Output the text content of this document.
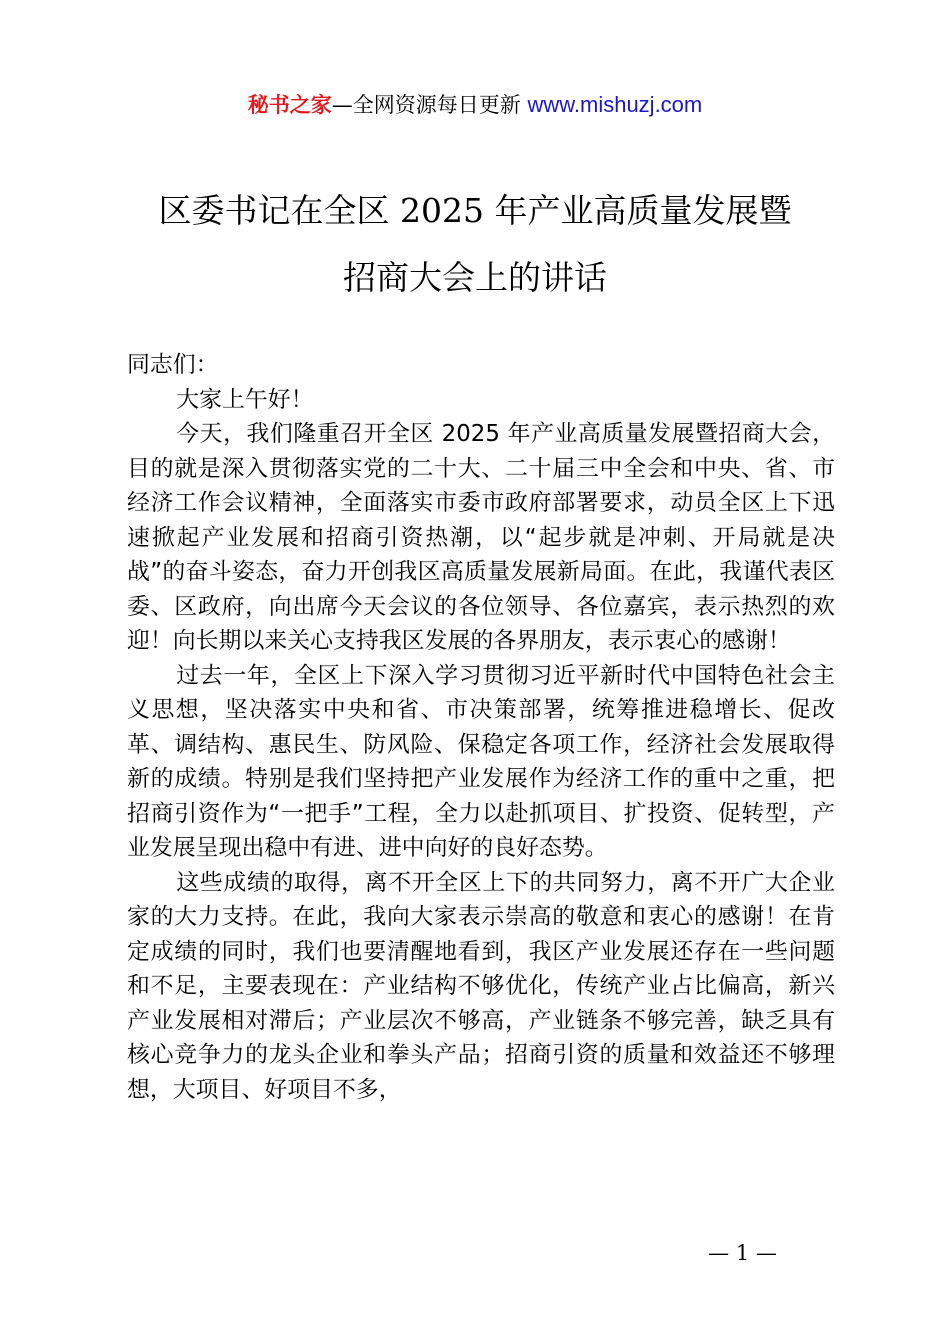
秘书之家—全网资源每日更新 www.mishuzj.com
区委书记在全区 2025 年产业高质量发展暨
招商大会上的讲话

同志们：

大家上午好！

今天，我们隆重召开全区 2025 年产业高质量发展暨招商大会，目的就是深入贯彻落实党的二十大、二十届三中全会和中央、省、市经济工作会议精神，全面落实市委市政府部署要求，动员全区上下迅速掀起产业发展和招商引资热潮，以“起步就是冲刺、开局就是决战”的奋斗姿态，奋力开创我区高质量发展新局面。在此，我谨代表区委、区政府，向出席今天会议的各位领导、各位嘉宾，表示热烈的欢迎！向长期以来关心支持我区发展的各界朋友，表示衷心的感谢！

过去一年，全区上下深入学习贯彻习近平新时代中国特色社会主义思想，坚决落实中央和省、市决策部署，统筹推进稳增长、促改革、调结构、惠民生、防风险、保稳定各项工作，经济社会发展取得新的成绩。特别是我们坚持把产业发展作为经济工作的重中之重，把招商引资作为“一把手”工程，全力以赴抓项目、扩投资、促转型，产业发展呈现出稳中有进、进中向好的良好态势。

这些成绩的取得，离不开全区上下的共同努力，离不开广大企业家的大力支持。在此，我向大家表示崇高的敬意和衷心的感谢！在肯定成绩的同时，我们也要清醒地看到，我区产业发展还存在一些问题和不足，主要表现在：产业结构不够优化，传统产业占比偏高，新兴产业发展相对滞后；产业层次不够高，产业链条不够完善，缺乏具有核心竞争力的龙头企业和拳头产品；招商引资的质量和效益还不够理想，大项目、好项目不多，

— 1 —
